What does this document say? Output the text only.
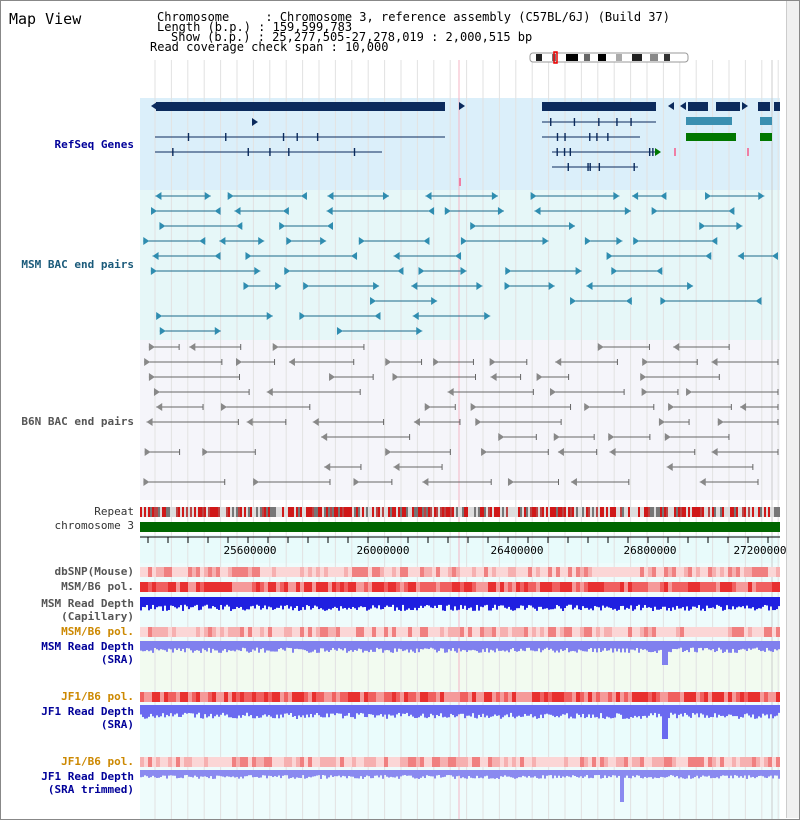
25600000	26000000	26400000	26800000	27200000
Map View	Chromosome     : Chromosome 3, reference assembly (C57BL/6J) (Build 37)
Length (b.p.) : 159,599,783
Show (b.p.) : 25,277,505-27,278,019 : 2,000,515 bp
Read coverage check span : 10,000
RefSeq Genes
MSM BAC end pairs
B6N BAC end pairs
Repeat
chromosome 3
dbSNP(Mouse)
MSM/B6 pol.
MSM Read Depth
(Capillary)
MSM/B6 pol.
MSM Read Depth
(SRA)
JF1/B6 pol.
JF1 Read Depth
(SRA)
JF1/B6 pol.
JF1 Read Depth
(SRA trimmed)
